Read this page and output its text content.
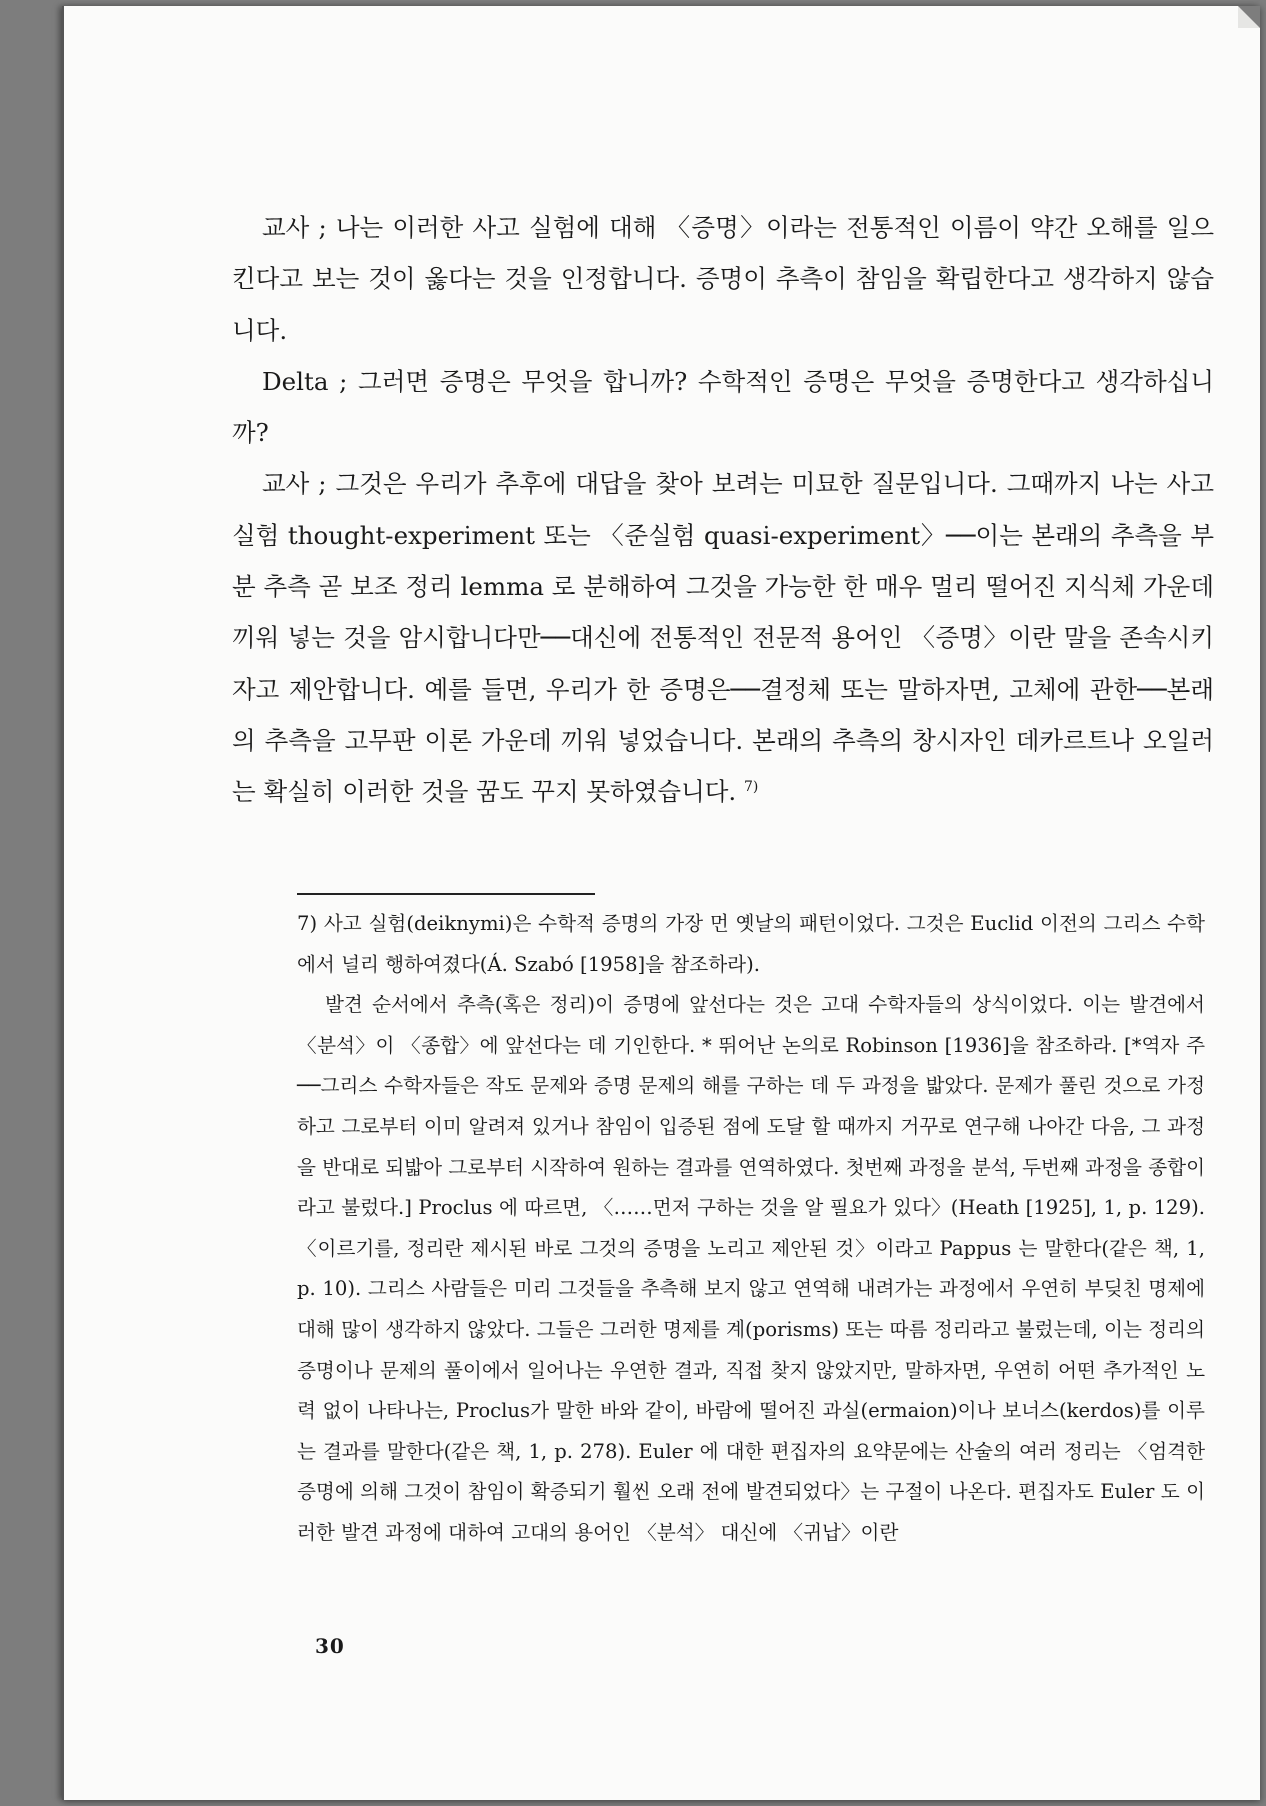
교사 ; 나는 이러한 사고 실험에 대해 〈증명〉이라는 전통적인 이름이 약간 오해를 일으킨다고 보는 것이 옳다는 것을 인정합니다. 증명이 추측이 참임을 확립한다고 생각하지 않습니다.

Delta ; 그러면 증명은 무엇을 합니까? 수학적인 증명은 무엇을 증명한다고 생각하십니까?

교사 ; 그것은 우리가 추후에 대답을 찾아 보려는 미묘한 질문입니다. 그때까지 나는 사고 실험 thought-experiment 또는 〈준실험 quasi-experiment〉──이는 본래의 추측을 부분 추측 곧 보조 정리 lemma 로 분해하여 그것을 가능한 한 매우 멀리 떨어진 지식체 가운데 끼워 넣는 것을 암시합니다만──대신에 전통적인 전문적 용어인 〈증명〉이란 말을 존속시키자고 제안합니다. 예를 들면, 우리가 한 증명은──결정체 또는 말하자면, 고체에 관한──본래의 추측을 고무판 이론 가운데 끼워 넣었습니다. 본래의 추측의 창시자인 데카르트나 오일러는 확실히 이러한 것을 꿈도 꾸지 못하였습니다. $^{7)}$

7) 사고 실험(deiknymi)은 수학적 증명의 가장 먼 옛날의 패턴이었다. 그것은 Euclid 이전의 그리스 수학에서 널리 행하여졌다(Á. Szabó [1958]을 참조하라).

발견 순서에서 추측(혹은 정리)이 증명에 앞선다는 것은 고대 수학자들의 상식이었다. 이는 발견에서 〈분석〉이 〈종합〉에 앞선다는 데 기인한다. * 뛰어난 논의로 Robinson [1936]을 참조하라. [*역자 주──그리스 수학자들은 작도 문제와 증명 문제의 해를 구하는 데 두 과정을 밟았다. 문제가 풀린 것으로 가정하고 그로부터 이미 알려져 있거나 참임이 입증된 점에 도달 할 때까지 거꾸로 연구해 나아간 다음, 그 과정을 반대로 되밟아 그로부터 시작하여 원하는 결과를 연역하였다. 첫번째 과정을 분석, 두번째 과정을 종합이라고 불렀다.] Proclus 에 따르면, 〈……먼저 구하는 것을 알 필요가 있다〉(Heath [1925], 1, p. 129). 〈이르기를, 정리란 제시된 바로 그것의 증명을 노리고 제안된 것〉이라고 Pappus 는 말한다(같은 책, 1, p. 10). 그리스 사람들은 미리 그것들을 추측해 보지 않고 연역해 내려가는 과정에서 우연히 부딪친 명제에 대해 많이 생각하지 않았다. 그들은 그러한 명제를 계(porisms) 또는 따름 정리라고 불렀는데, 이는 정리의 증명이나 문제의 풀이에서 일어나는 우연한 결과, 직접 찾지 않았지만, 말하자면, 우연히 어떤 추가적인 노력 없이 나타나는, Proclus가 말한 바와 같이, 바람에 떨어진 과실(ermaion)이나 보너스(kerdos)를 이루는 결과를 말한다(같은 책, 1, p. 278). Euler 에 대한 편집자의 요약문에는 산술의 여러 정리는 〈엄격한 증명에 의해 그것이 참임이 확증되기 훨씬 오래 전에 발견되었다〉는 구절이 나온다. 편집자도 Euler 도 이러한 발견 과정에 대하여 고대의 용어인 〈분석〉 대신에 〈귀납〉이란

30
